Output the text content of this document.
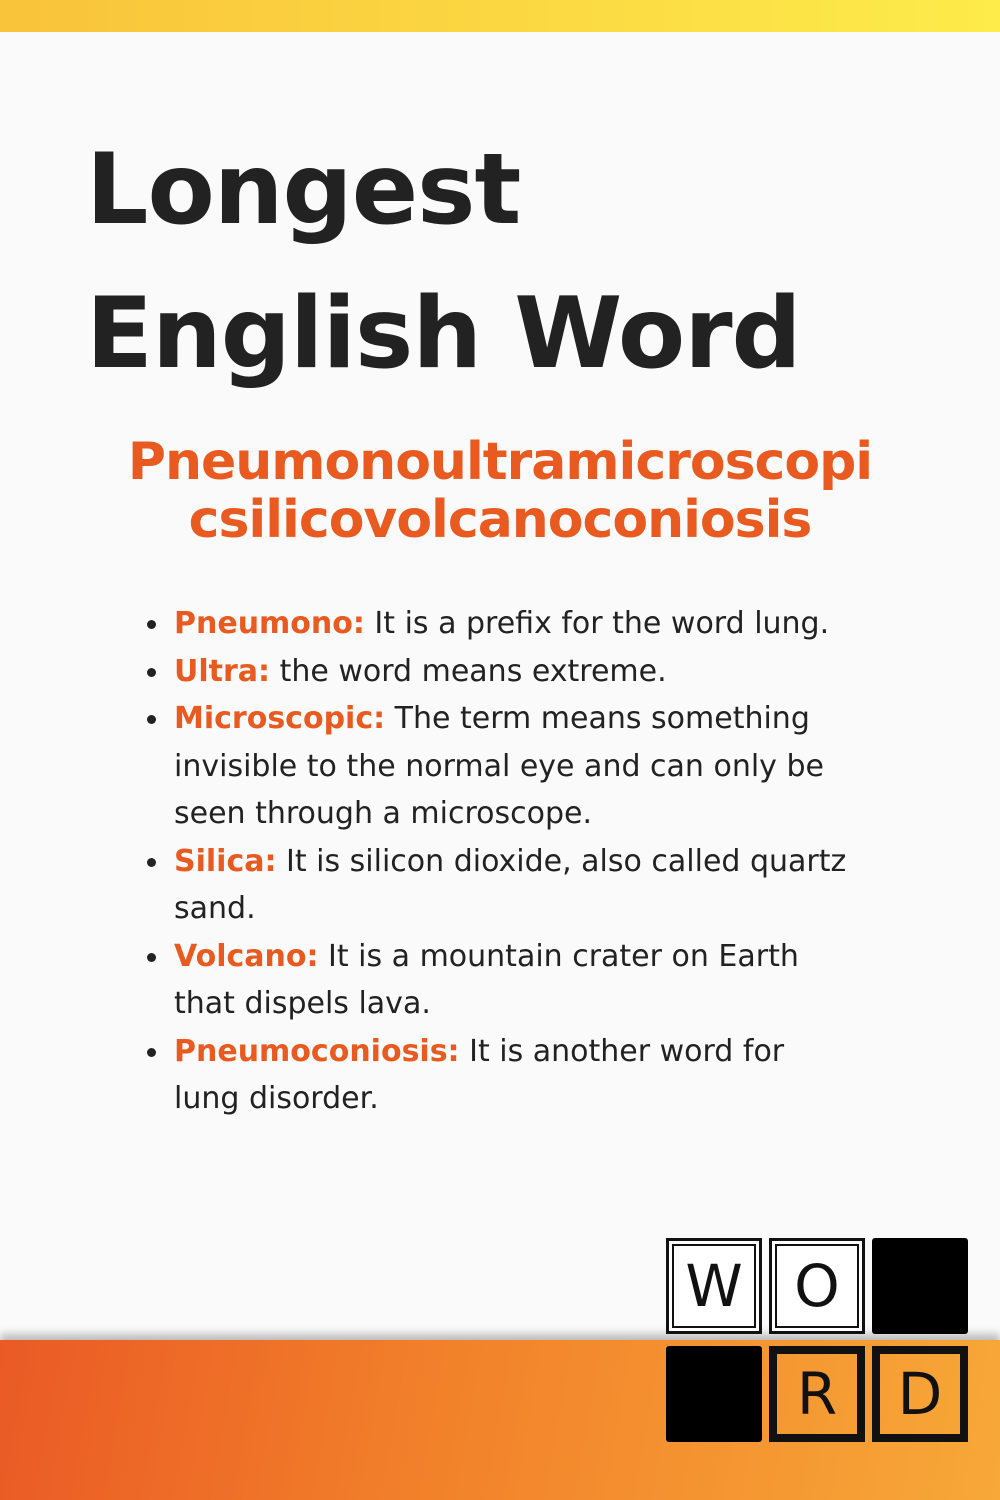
Longest
English Word
Pneumonoultramicroscopi
csilicovolcanoconiosis
Pneumono: It is a prefix for the word lung.
Ultra: the word means extreme.
Microscopic: The term means something invisible to the normal eye and can only be seen through a microscope.
Silica: It is silicon dioxide, also called quartz sand.
Volcano: It is a mountain crater on Earth that dispels lava.
Pneumoconiosis: It is another word for lung disorder.
W O
R	D
